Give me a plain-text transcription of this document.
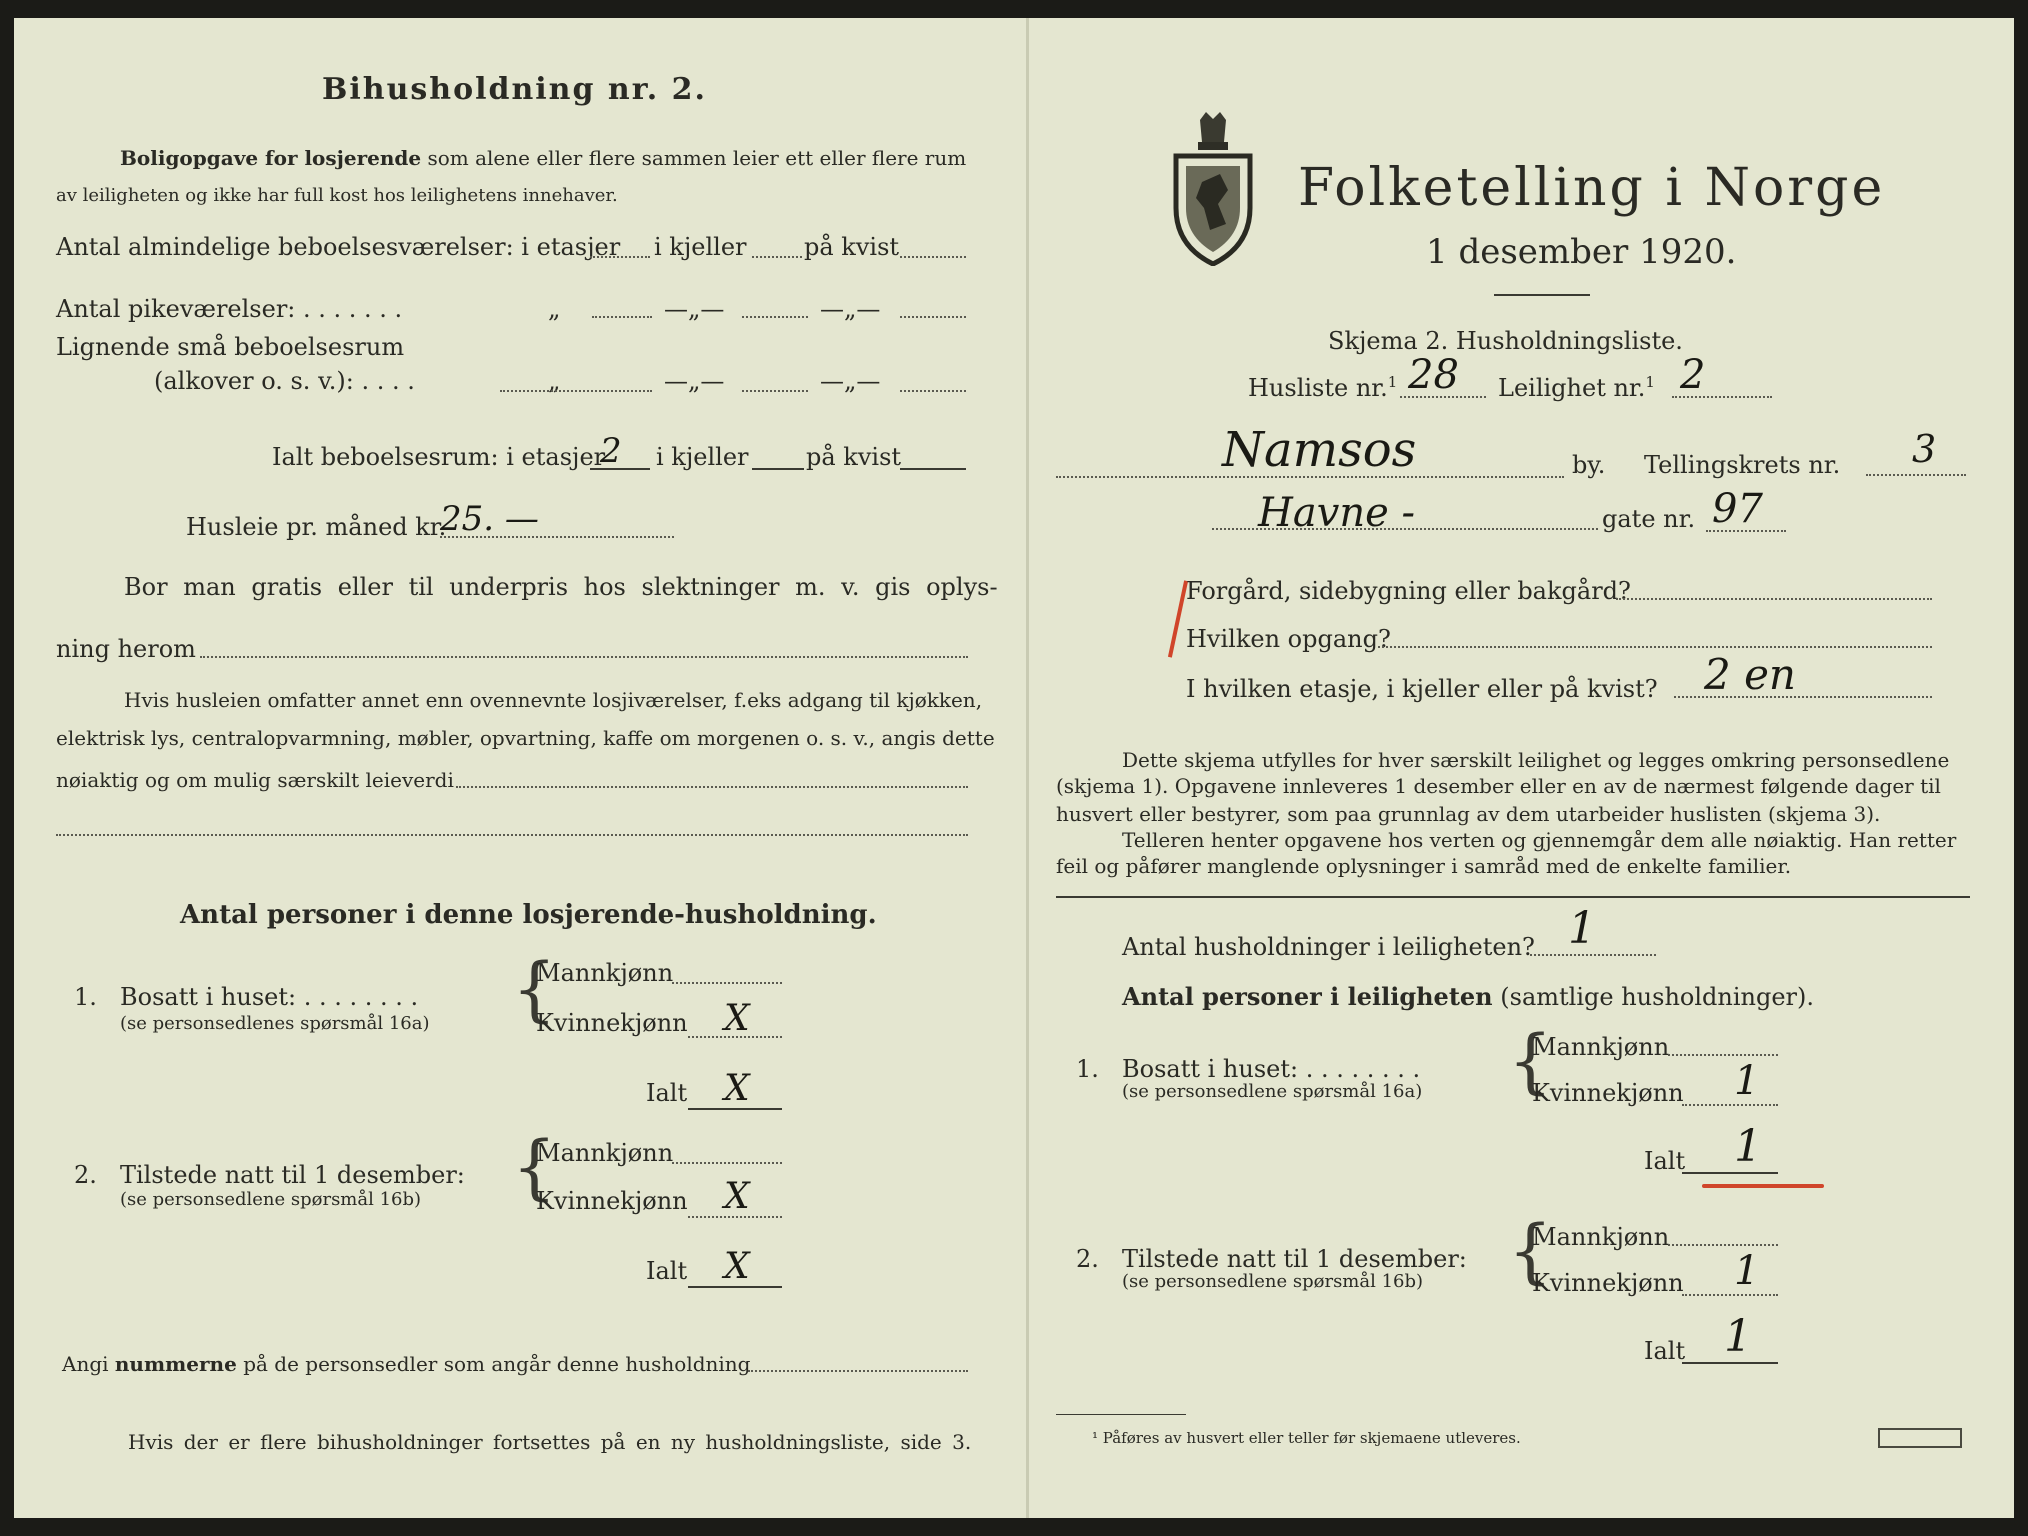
Bihusholdning nr. 2.
Boligopgave for losjerende som alene eller flere sammen leier ett eller flere rum
av leiligheten og ikke har full kost hos leilighetens innehaver.
Antal almindelige beboelsesværelser: i etasjer i kjeller på kvist
Antal pikeværelser: . . . . . . .	„	—„—	—„—
Lignende små beboelsesrum
(alkover o. s. v.): . . . .	„	—„—	—„—
Ialt beboelsesrum: i etasjer
2 i kjeller på kvist
Husleie pr. måned kr.
25. —
Bor man gratis eller til underpris hos slektninger m. v. gis oplys-
ning herom
Hvis husleien omfatter annet enn ovennevnte losjiværelser, f.eks adgang til kjøkken,
elektrisk lys, centralopvarmning, møbler, opvartning, kaffe om morgenen o. s. v., angis dette
nøiaktig og om mulig særskilt leieverdi
Antal personer i denne losjerende-husholdning.
1. Bosatt i huset: . . . . . . . .
(se personsedlenes spørsmål 16a) {
Mannkjønn
Kvinnekjønn X
Ialt X
2. Tilstede natt til 1 desember:
(se personsedlene spørsmål 16b) {
Mannkjønn
Kvinnekjønn X
Ialt X
Angi nummerne på de personsedler som angår denne husholdning
Hvis der er flere bihusholdninger fortsettes på en ny husholdningsliste, side 3.
Folketelling i Norge
1 desember 1920.
Skjema 2. Husholdningsliste.
Husliste nr.$^1$ 28 Leilighet nr.$^1$ 2
Namsos	by. Tellingskrets nr. 3
Havne -	gate nr. 97
Forgård, sidebygning eller bakgård?
Hvilken opgang?
I hvilken etasje, i kjeller eller på kvist? 2 en
Dette skjema utfylles for hver særskilt leilighet og legges omkring personsedlene
(skjema 1). Opgavene innleveres 1 desember eller en av de nærmest følgende dager til
husvert eller bestyrer, som paa grunnlag av dem utarbeider huslisten (skjema 3).
Telleren henter opgavene hos verten og gjennemgår dem alle nøiaktig. Han retter
feil og påfører manglende oplysninger i samråd med de enkelte familier.
Antal husholdninger i leiligheten? 1
Antal personer i leiligheten (samtlige husholdninger).
1. Bosatt i huset: . . . . . . . .
(se personsedlene spørsmål 16a) {
Mannkjønn
Kvinnekjønn 1
Ialt 1
2. Tilstede natt til 1 desember:
(se personsedlene spørsmål 16b) {
Mannkjønn
Kvinnekjønn 1
Ialt 1
¹ Påføres av husvert eller teller før skjemaene utleveres.
